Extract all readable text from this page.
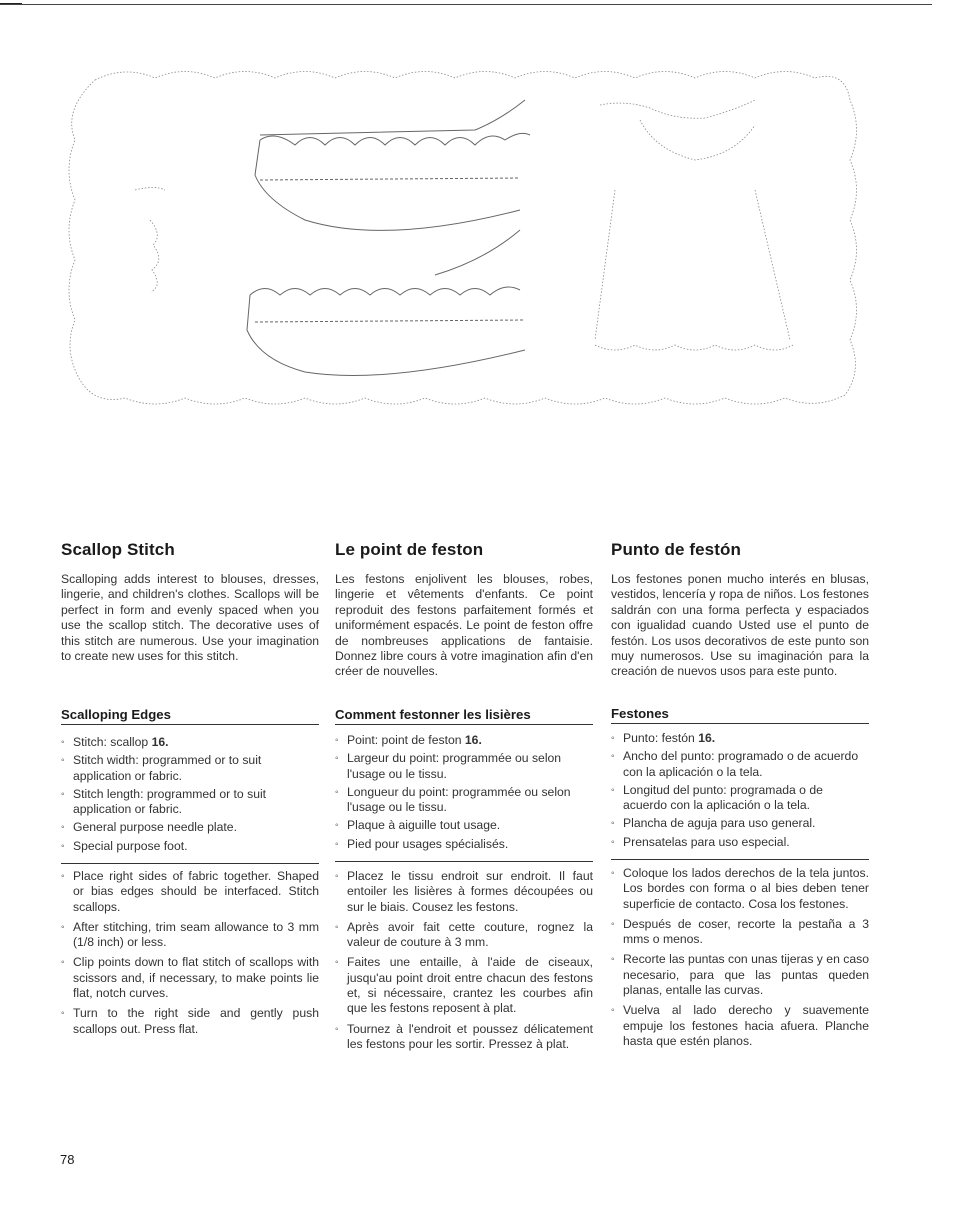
Scallop Stitch

Scalloping adds interest to blouses, dresses, lingerie, and children's clothes. Scallops will be perfect in form and evenly spaced when you use the scallop stitch. The decorative uses of this stitch are numerous. Use your imagination to create new uses for this stitch.

Scalloping Edges
◦ Stitch: scallop 16.
◦ Stitch width: programmed or to suit application or fabric.
◦ Stitch length: programmed or to suit application or fabric.
◦ General purpose needle plate.
◦ Special purpose foot.
◦ Place right sides of fabric together. Shaped or bias edges should be interfaced. Stitch scallops.
◦ After stitching, trim seam allowance to 3 mm (1/8 inch) or less.
◦ Clip points down to flat stitch of scallops with scissors and, if necessary, to make points lie flat, notch curves.
◦ Turn to the right side and gently push scallops out. Press flat.
Le point de feston

Les festons enjolivent les blouses, robes, lingerie et vêtements d'enfants. Ce point reproduit des festons parfaitement formés et uniformément espacés. Le point de feston offre de nombreuses applications de fantaisie. Donnez libre cours à votre imagination afin d'en créer de nouvelles.

Comment festonner les lisières
◦ Point: point de feston 16.
◦ Largeur du point: programmée ou selon l'usage ou le tissu.
◦ Longueur du point: programmée ou selon l'usage ou le tissu.
◦ Plaque à aiguille tout usage.
◦ Pied pour usages spécialisés.
◦ Placez le tissu endroit sur endroit. Il faut entoiler les lisières à formes découpées ou sur le biais. Cousez les festons.
◦ Après avoir fait cette couture, rognez la valeur de couture à 3 mm.
◦ Faites une entaille, à l'aide de ciseaux, jusqu'au point droit entre chacun des festons et, si nécessaire, crantez les courbes afin que les festons reposent à plat.
◦ Tournez à l'endroit et poussez délicatement les festons pour les sortir. Pressez à plat.
Punto de festón

Los festones ponen mucho interés en blusas, vestidos, lencería y ropa de niños. Los festones saldrán con una forma perfecta y espaciados con igualidad cuando Usted use el punto de festón. Los usos decorativos de este punto son muy numerosos. Use su imaginación para la creación de nuevos usos para este punto.

Festones
◦ Punto: festón 16.
◦ Ancho del punto: programado o de acuerdo con la aplicación o la tela.
◦ Longitud del punto: programada o de acuerdo con la aplicación o la tela.
◦ Plancha de aguja para uso general.
◦ Prensatelas para uso especial.
◦ Coloque los lados derechos de la tela juntos. Los bordes con forma o al bies deben tener superficie de contacto. Cosa los festones.
◦ Después de coser, recorte la pestaña a 3 mms o menos.
◦ Recorte las puntas con unas tijeras y en caso necesario, para que las puntas queden planas, entalle las curvas.
◦ Vuelva al lado derecho y suavemente empuje los festones hacia afuera. Planche hasta que estén planos.
78
